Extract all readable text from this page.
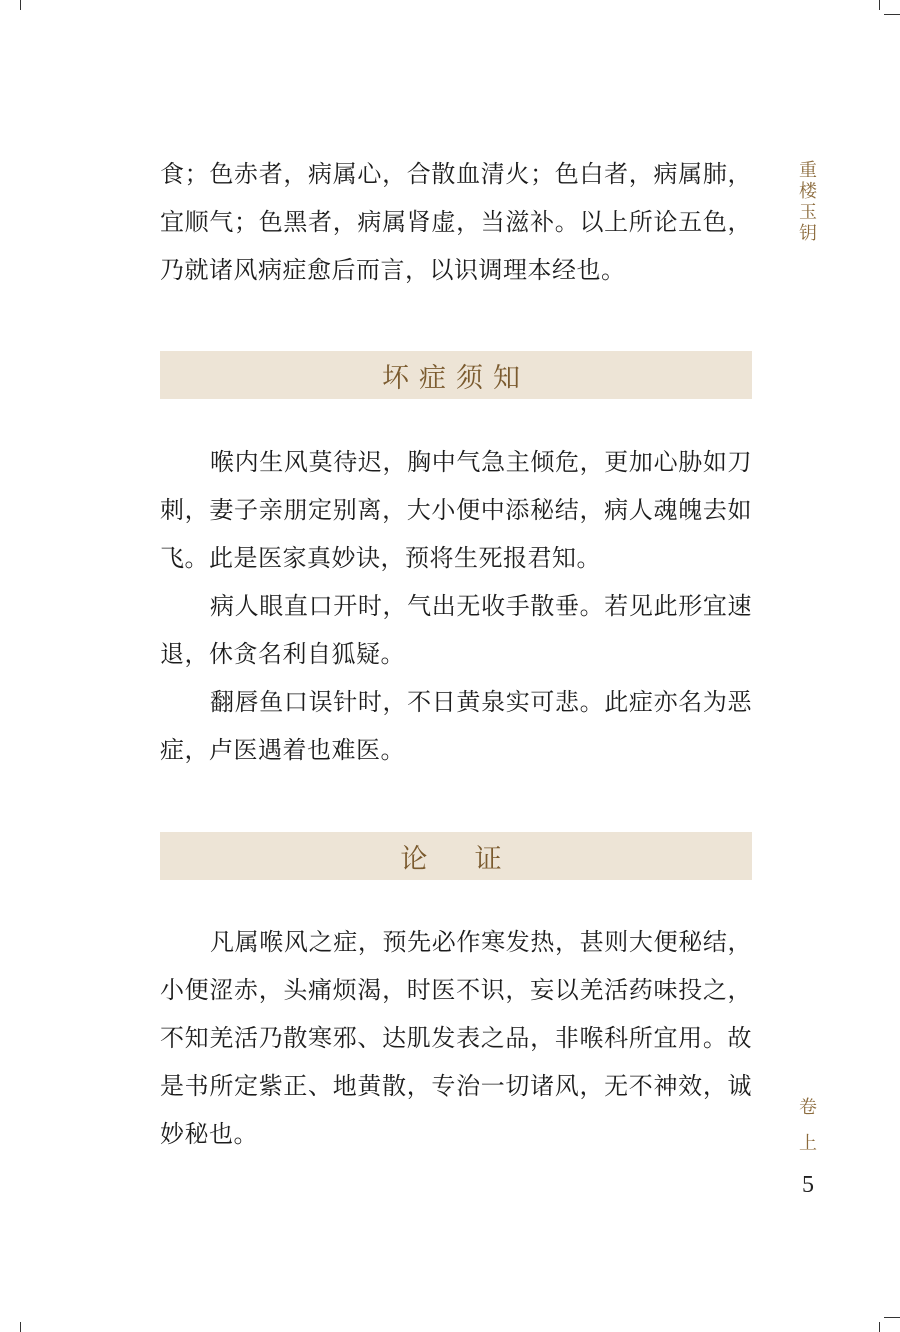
重楼玉钥

食；色赤者，病属心，合散血清火；色白者，病属肺，宜顺气；色黑者，病属肾虚，当滋补。以上所论五色，乃就诸风病症愈后而言，以识调理本经也。

坏症须知

喉内生风莫待迟，胸中气急主倾危，更加心胁如刀刺，妻子亲朋定别离，大小便中添秘结，病人魂魄去如飞。此是医家真妙诀，预将生死报君知。

病人眼直口开时，气出无收手散垂。若见此形宜速退，休贪名利自狐疑。

翻唇鱼口误针时，不日黄泉实可悲。此症亦名为恶症，卢医遇着也难医。

论  证

凡属喉风之症，预先必作寒发热，甚则大便秘结，小便涩赤，头痛烦渴，时医不识，妄以羌活药味投之，不知羌活乃散寒邪、达肌发表之品，非喉科所宜用。故是书所定紫正、地黄散，专治一切诸风，无不神效，诚妙秘也。

卷上
5
